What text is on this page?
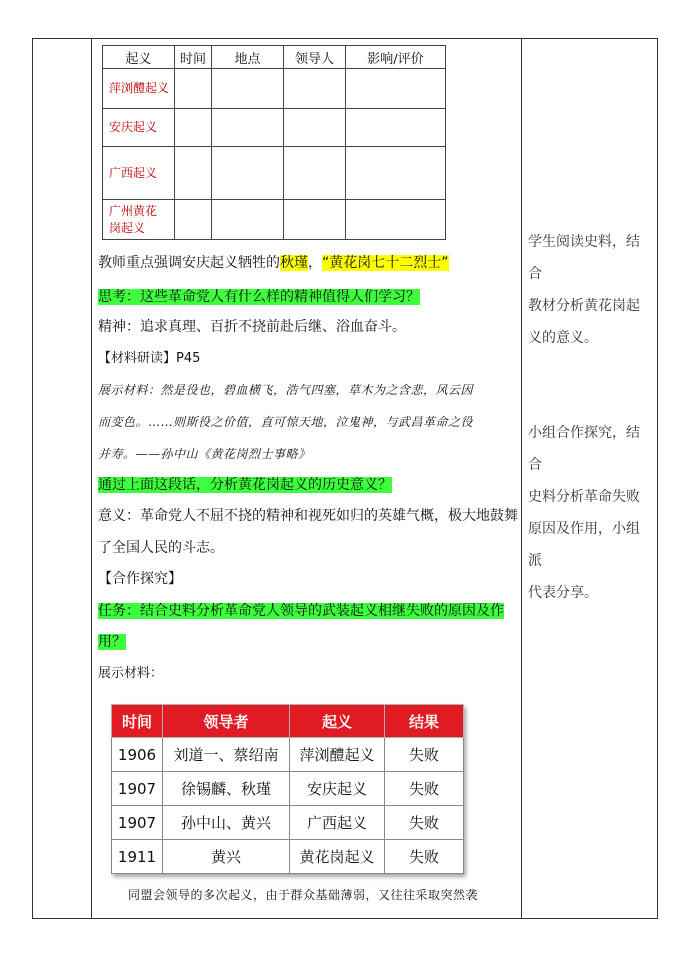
起义	时间	地点	领导人	影响/评价
萍浏醴起义				
安庆起义				
广西起义				

广州黄花岗起义				

教师重点强调安庆起义牺牲的秋瑾，“黄花岗七十二烈士”
思考：这些革命党人有什么样的精神值得人们学习？
精神：追求真理、百折不挠前赴后继、浴血奋斗。
【材料研读】P45
展示材料：然是役也，碧血横飞，浩气四塞，草木为之含悲，风云因
而变色。……则斯役之价值，直可惊天地，泣鬼神，与武昌革命之役
并寿。——孙中山《黄花岗烈士事略》
通过上面这段话，分析黄花岗起义的历史意义？
意义：革命党人不屈不挠的精神和视死如归的英雄气概，极大地鼓舞
了全国人民的斗志。
【合作探究】
任务：结合史料分析革命党人领导的武装起义相继失败的原因及作
用？
展示材料：
时间	领导者	起义	结果
1906	刘道一、蔡绍南	萍浏醴起义	失败
1907	徐锡麟、秋瑾	安庆起义	失败
1907	孙中山、黄兴	广西起义	失败
1911	黄兴	黄花岗起义	失败
同盟会领导的多次起义，由于群众基础薄弱，又往往采取突然袭
学生阅读史料，结合
教材分析黄花岗起
义的意义。
小组合作探究，结合
史料分析革命失败
原因及作用，小组派
代表分享。
